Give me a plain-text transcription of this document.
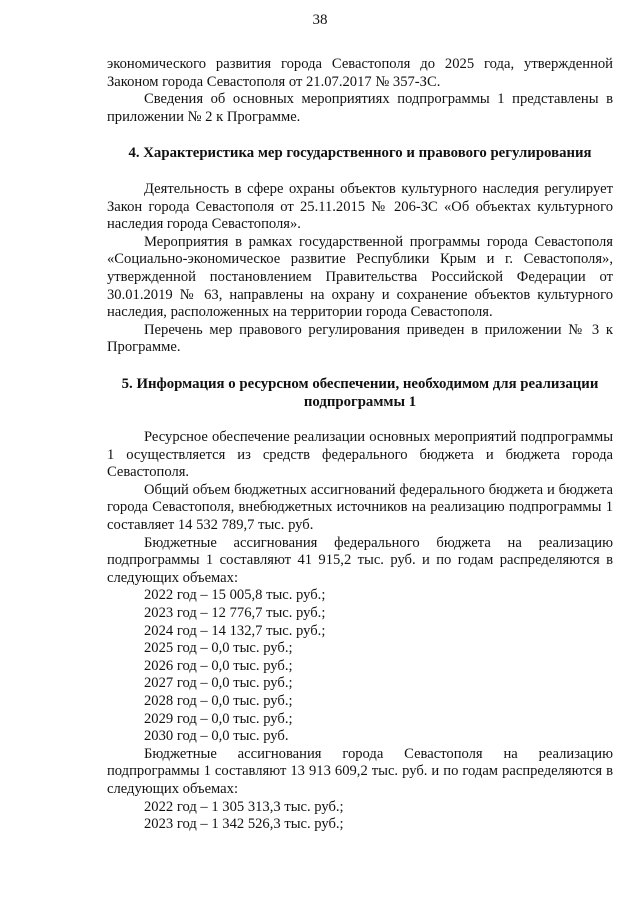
38

экономического развития города Севастополя до 2025 года, утвержденной Законом города Севастополя от 21.07.2017 № 357-ЗС.

Сведения об основных мероприятиях подпрограммы 1 представлены в приложении № 2 к Программе.

4. Характеристика мер государственного и правового регулирования

Деятельность в сфере охраны объектов культурного наследия регулирует Закон города Севастополя от 25.11.2015 № 206-ЗС «Об объектах культурного наследия города Севастополя».

Мероприятия в рамках государственной программы города Севастополя «Социально-экономическое развитие Республики Крым и г. Севастополя», утвержденной постановлением Правительства Российской Федерации от 30.01.2019 № 63, направлены на охрану и сохранение объектов культурного наследия, расположенных на территории города Севастополя.

Перечень мер правового регулирования приведен в приложении № 3 к Программе.

5. Информация о ресурсном обеспечении, необходимом для реализации подпрограммы 1

Ресурсное обеспечение реализации основных мероприятий подпрограммы 1 осуществляется из средств федерального бюджета и бюджета города Севастополя.

Общий объем бюджетных ассигнований федерального бюджета и бюджета города Севастополя, внебюджетных источников на реализацию подпрограммы 1 составляет 14 532 789,7 тыс. руб.

Бюджетные ассигнования федерального бюджета на реализацию подпрограммы 1 составляют 41 915,2 тыс. руб. и по годам распределяются в следующих объемах:

2022 год – 15 005,8 тыс. руб.;
2023 год – 12 776,7 тыс. руб.;
2024 год – 14 132,7 тыс. руб.;
2025 год – 0,0 тыс. руб.;
2026 год – 0,0 тыс. руб.;
2027 год – 0,0 тыс. руб.;
2028 год – 0,0 тыс. руб.;
2029 год – 0,0 тыс. руб.;
2030 год – 0,0 тыс. руб.

Бюджетные ассигнования города Севастополя на реализацию подпрограммы 1 составляют 13 913 609,2 тыс. руб. и по годам распределяются в следующих объемах:

2022 год – 1 305 313,3 тыс. руб.;
2023 год – 1 342 526,3 тыс. руб.;
